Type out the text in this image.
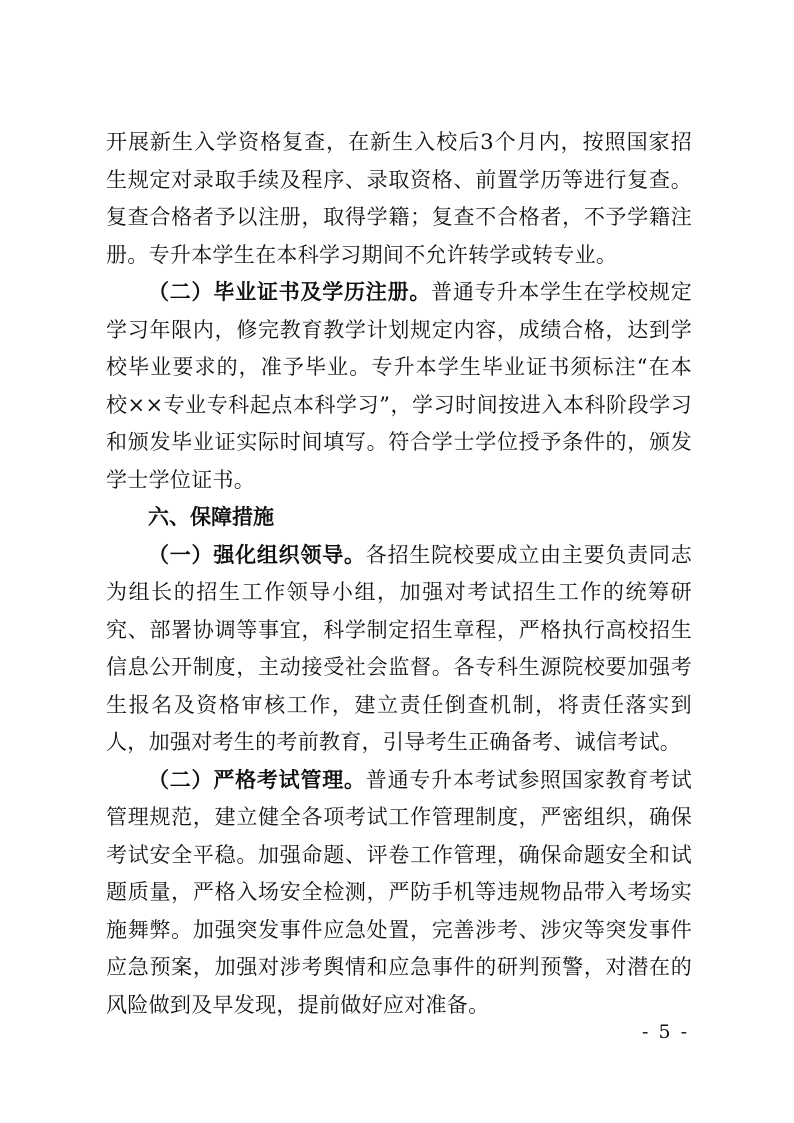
开展新生入学资格复查，在新生入校后3个月内，按照国家招生规定对录取手续及程序、录取资格、前置学历等进行复查。复查合格者予以注册，取得学籍；复查不合格者，不予学籍注册。专升本学生在本科学习期间不允许转学或转专业。

（二）毕业证书及学历注册。普通专升本学生在学校规定学习年限内，修完教育教学计划规定内容，成绩合格，达到学校毕业要求的，准予毕业。专升本学生毕业证书须标注“在本校××专业专科起点本科学习”，学习时间按进入本科阶段学习和颁发毕业证实际时间填写。符合学士学位授予条件的，颁发学士学位证书。

六、保障措施

（一）强化组织领导。各招生院校要成立由主要负责同志为组长的招生工作领导小组，加强对考试招生工作的统筹研究、部署协调等事宜，科学制定招生章程，严格执行高校招生信息公开制度，主动接受社会监督。各专科生源院校要加强考生报名及资格审核工作，建立责任倒查机制，将责任落实到人，加强对考生的考前教育，引导考生正确备考、诚信考试。

（二）严格考试管理。普通专升本考试参照国家教育考试管理规范，建立健全各项考试工作管理制度，严密组织，确保考试安全平稳。加强命题、评卷工作管理，确保命题安全和试题质量，严格入场安全检测，严防手机等违规物品带入考场实施舞弊。加强突发事件应急处置，完善涉考、涉灾等突发事件应急预案，加强对涉考舆情和应急事件的研判预警，对潜在的风险做到及早发现，提前做好应对准备。

- 5 -
